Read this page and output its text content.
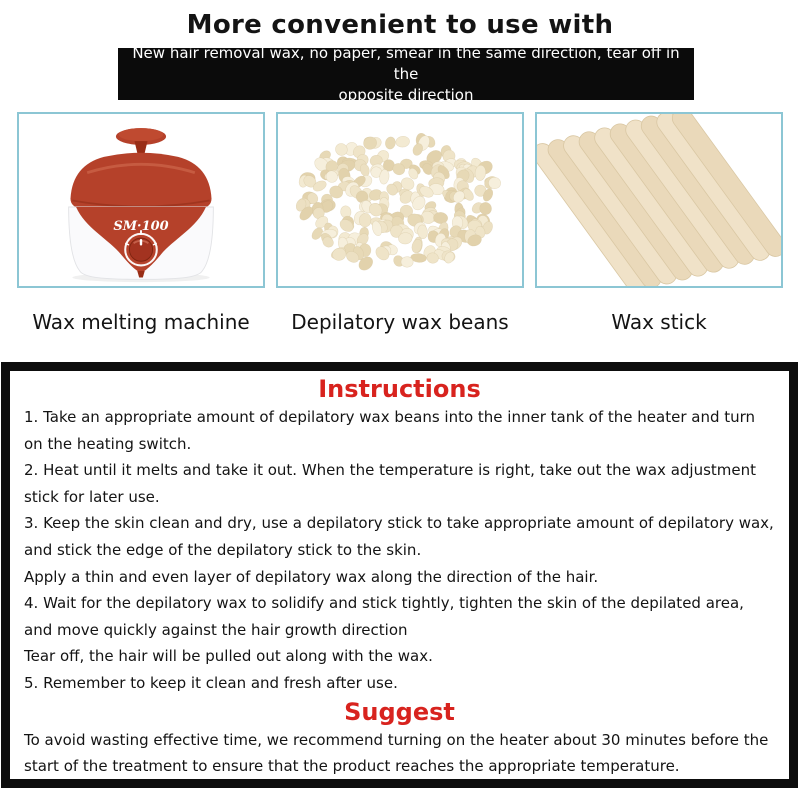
More convenient to use with
New hair removal wax, no paper, smear in the same direction, tear off in the
opposite direction
SM·100
Wax melting machine	Depilatory wax beans	Wax stick
Instructions
1. Take an appropriate amount of depilatory wax beans into the inner tank of the heater and turn on the heating switch.
2. Heat until it melts and take it out. When the temperature is right, take out the wax adjustment stick for later use.
3. Keep the skin clean and dry, use a depilatory stick to take appropriate amount of depilatory wax, and stick the edge of the depilatory stick to the skin.
Apply a thin and even layer of depilatory wax along the direction of the hair.
4. Wait for the depilatory wax to solidify and stick tightly, tighten the skin of the depilated area, and move quickly against the hair growth direction
Tear off, the hair will be pulled out along with the wax.
5. Remember to keep it clean and fresh after use.
Suggest
To avoid wasting effective time, we recommend turning on the heater about 30 minutes before the start of the treatment to ensure that the product reaches the appropriate temperature.
